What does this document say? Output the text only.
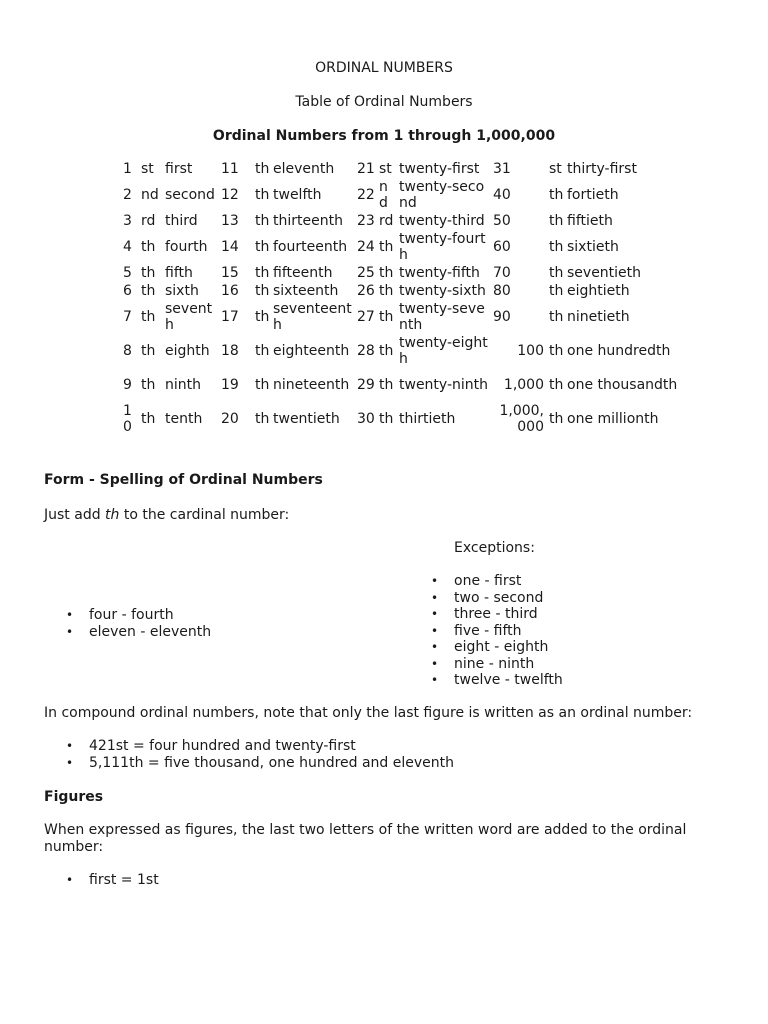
ORDINAL NUMBERS
Table of Ordinal Numbers
Ordinal Numbers from 1 through 1,000,000
1	st	first	11	th	eleventh	21	st	twenty-first	31	st	thirty-first
2	nd	second	12	th	twelfth	22	nd	twenty-second	40	th	fortieth
3	rd	third	13	th	thirteenth	23	rd	twenty-third	50	th	fiftieth
4	th	fourth	14	th	fourteenth	24	th	twenty-fourth	60	th	sixtieth
5	th	fifth	15	th	fifteenth	25	th	twenty-fifth	70	th	seventieth
6	th	sixth	16	th	sixteenth	26	th	twenty-sixth	80	th	eightieth
7	th	seventh	17	th	seventeenth	27	th	twenty-seventh	90	th	ninetieth
8	th	eighth	18	th	eighteenth	28	th	twenty-eighth	100	th	one hundredth
9	th	ninth	19	th	nineteenth	29	th	twenty-ninth	1,000	th	one thousandth
10	th	tenth	20	th	twentieth	30	th	thirtieth	1,000,000	th	one millionth
Form - Spelling of Ordinal Numbers
Just add th to the cardinal number:
Exceptions:
• four - fourth
• eleven - eleventh
• one - first
• two - second
• three - third
• five - fifth
• eight - eighth
• nine - ninth
• twelve - twelfth
In compound ordinal numbers, note that only the last figure is written as an ordinal number:
• 421st = four hundred and twenty-first
• 5,111th = five thousand, one hundred and eleventh
Figures
When expressed as figures, the last two letters of the written word are added to the ordinal number:
• first = 1st
